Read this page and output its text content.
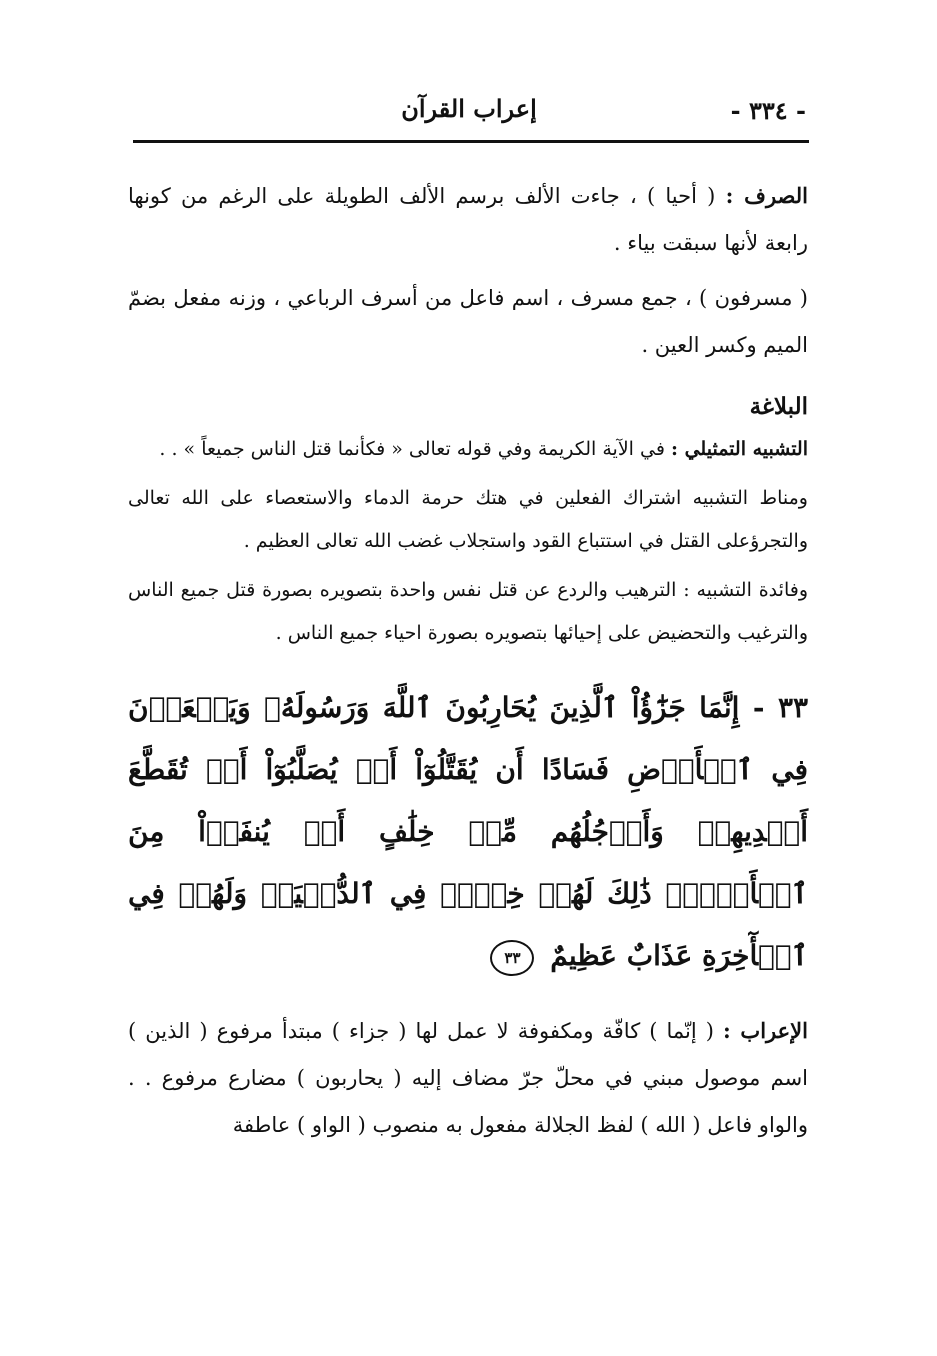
- ٣٣٤ -
إعراب القرآن

الصرف : ( أحيا ) ، جاءت الألف برسم الألف الطويلة على الرغم من كونها رابعة لأنها سبقت بياء .

( مسرفون ) ، جمع مسرف ، اسم فاعل من أسرف الرباعي ، وزنه مفعل بضمّ الميم وكسر العين .

البلاغة

التشبيه التمثيلي : في الآية الكريمة وفي قوله تعالى « فكأنما قتل الناس جميعاً » . .

ومناط التشبيه اشتراك الفعلين في هتك حرمة الدماء والاستعصاء على الله تعالى والتجرؤعلى القتل في استتباع القود واستجلاب غضب الله تعالى العظيم .

وفائدة التشبيه : الترهيب والردع عن قتل نفس واحدة بتصويره بصورة قتل جميع الناس والترغيب والتحضيض على إحيائها بتصويره بصورة احياء جميع الناس .

٣٣ - إِنَّمَا جَزَٰٓؤُاْ ٱلَّذِينَ يُحَارِبُونَ ٱللَّهَ وَرَسُولَهُۥ وَيَسۡعَوۡنَ فِي ٱلۡأَرۡضِ فَسَادًا أَن يُقَتَّلُوٓاْ أَوۡ يُصَلَّبُوٓاْ أَوۡ تُقَطَّعَ أَيۡدِيهِمۡ وَأَرۡجُلُهُم مِّنۡ خِلَٰفٍ أَوۡ يُنفَوۡاْ مِنَ ٱلۡأَرۡضِۚ ذَٰلِكَ لَهُمۡ خِزۡيٞ فِي ٱلدُّنۡيَاۖ وَلَهُمۡ فِي ٱلۡأٓخِرَةِ عَذَابٌ عَظِيمٌ ٣٣

الإعراب : ( إنّما ) كافّة ومكفوفة لا عمل لها ( جزاء ) مبتدأ مرفوع ( الذين ) اسم موصول مبني في محلّ جرّ مضاف إليه ( يحاربون ) مضارع مرفوع . . والواو فاعل ( الله ) لفظ الجلالة مفعول به منصوب ( الواو ) عاطفة
